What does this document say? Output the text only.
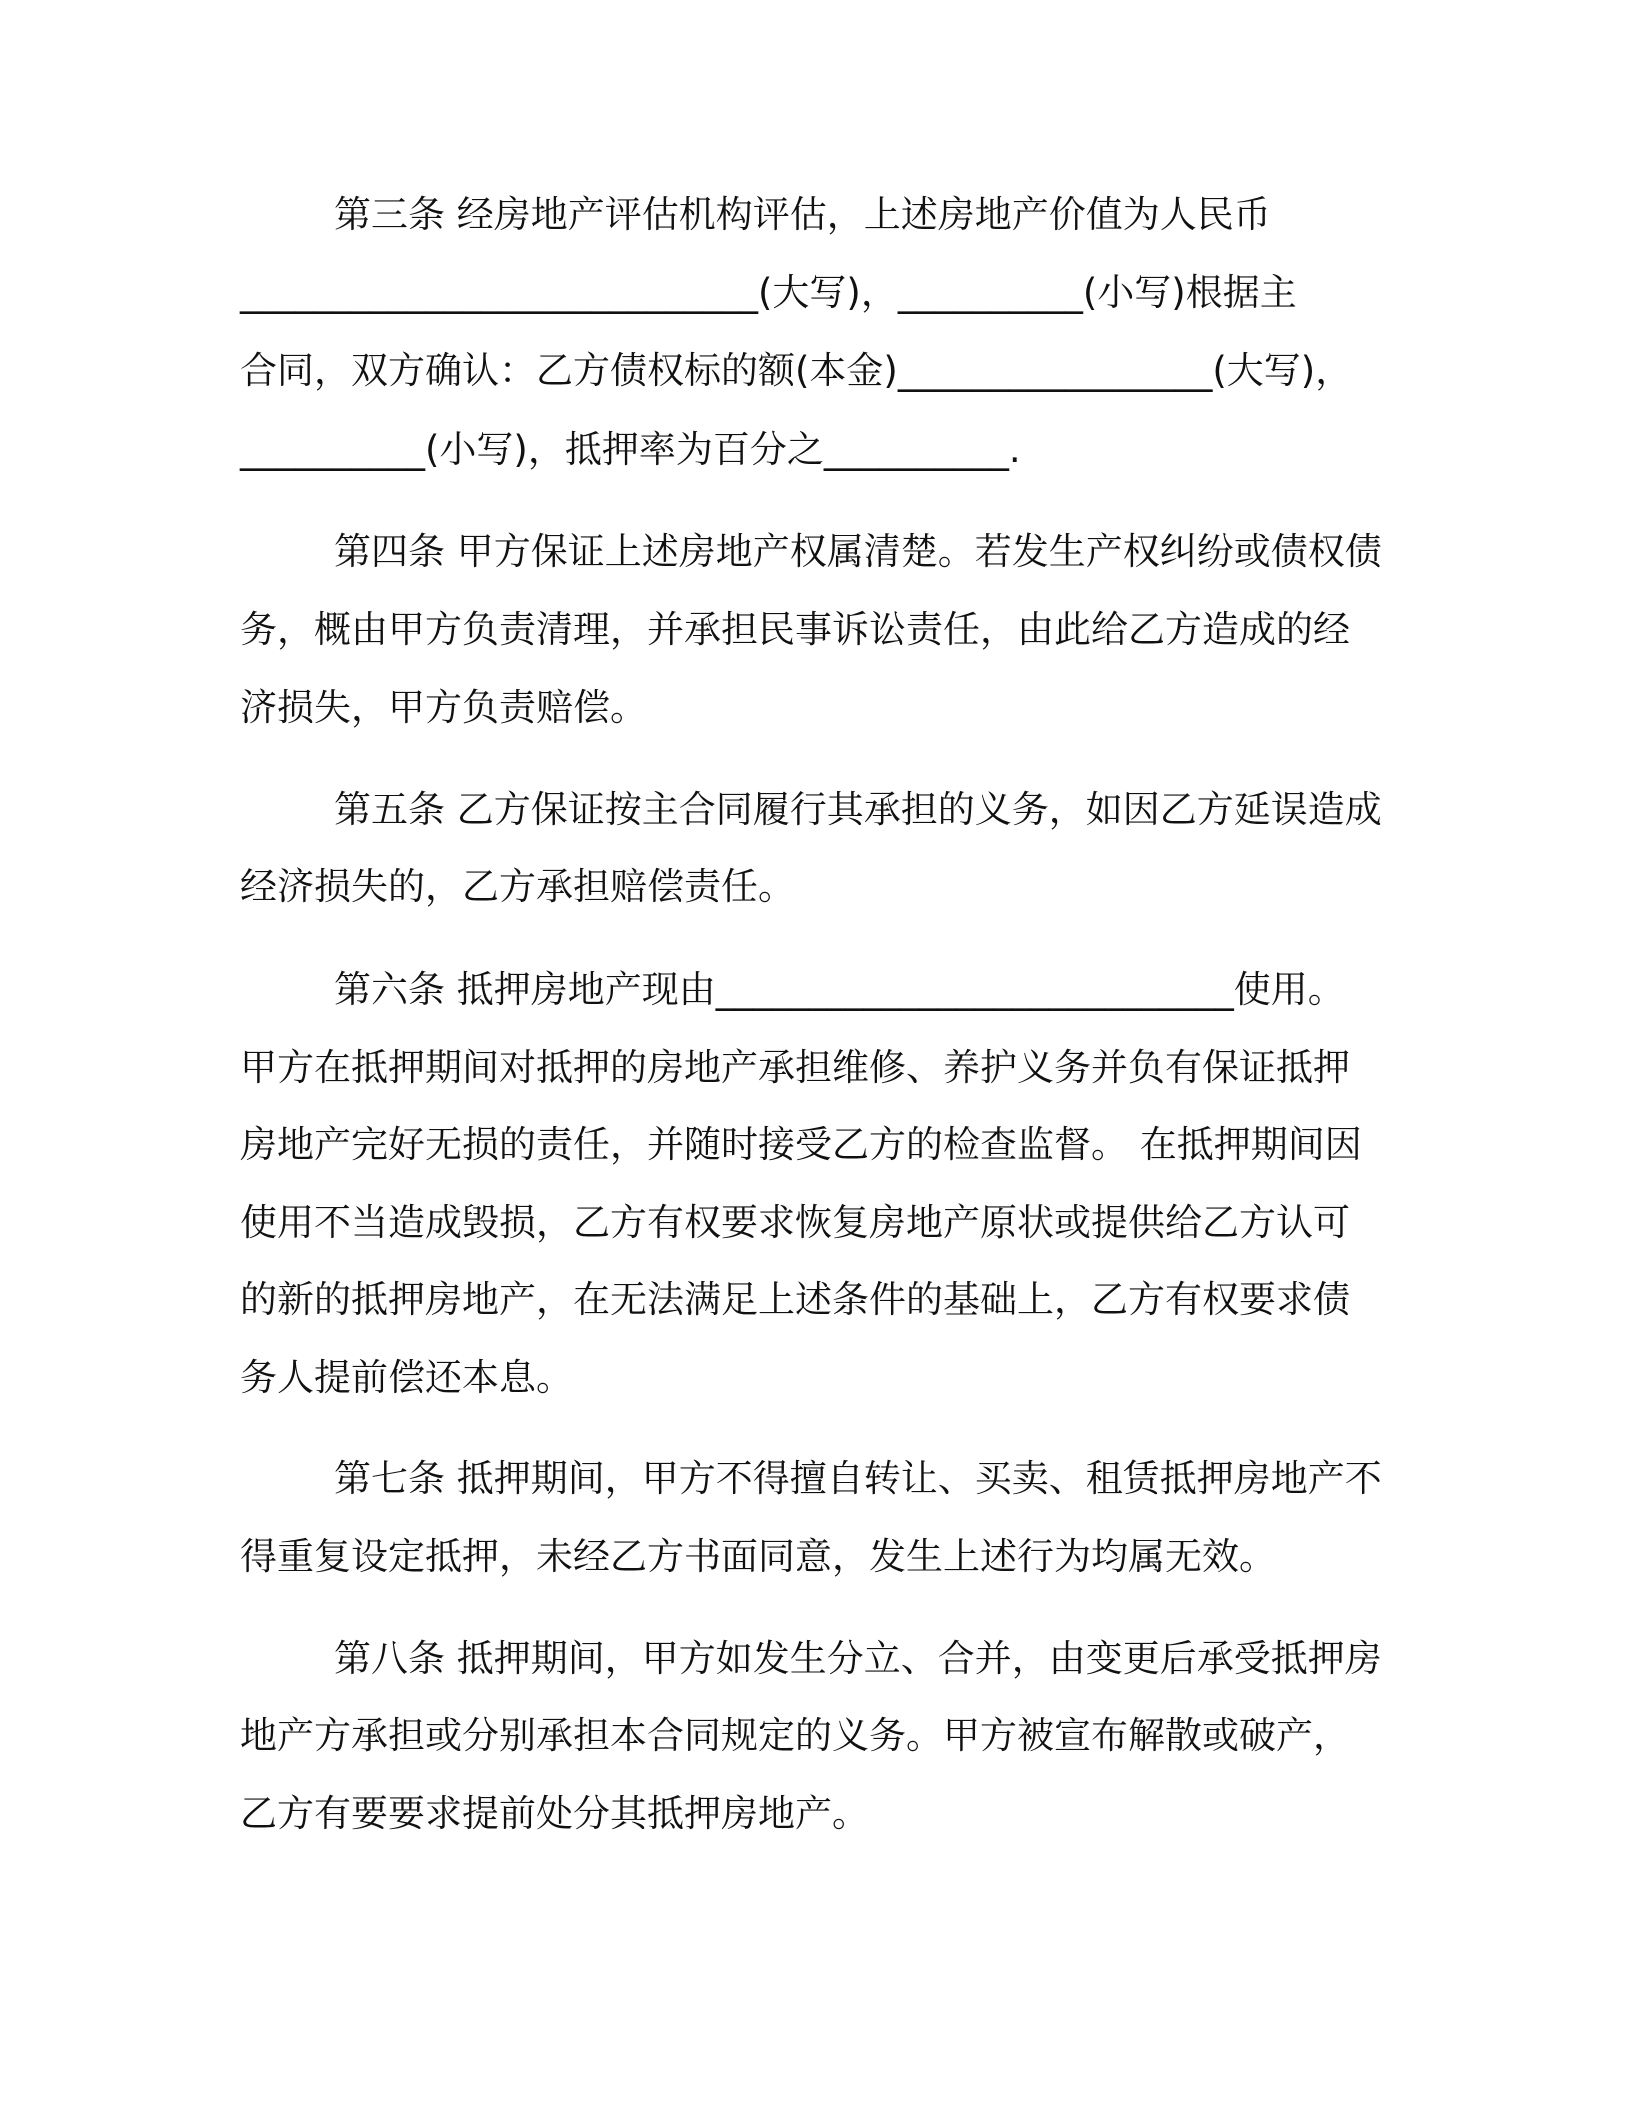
第三条 经房地产评估机构评估，上述房地产价值为人民币
____________________________(大写)，__________(小写)根据主
合同，双方确认：乙方债权标的额(本金)_________________(大写)，
__________(小写)，抵押率为百分之__________.
第四条 甲方保证上述房地产权属清楚。若发生产权纠纷或债权债
务，概由甲方负责清理，并承担民事诉讼责任，由此给乙方造成的经
济损失，甲方负责赔偿。
第五条 乙方保证按主合同履行其承担的义务，如因乙方延误造成
经济损失的，乙方承担赔偿责任。
第六条 抵押房地产现由____________________________使用。
甲方在抵押期间对抵押的房地产承担维修、养护义务并负有保证抵押
房地产完好无损的责任，并随时接受乙方的检查监督。 在抵押期间因
使用不当造成毁损，乙方有权要求恢复房地产原状或提供给乙方认可
的新的抵押房地产，在无法满足上述条件的基础上，乙方有权要求债
务人提前偿还本息。
第七条 抵押期间，甲方不得擅自转让、买卖、租赁抵押房地产不
得重复设定抵押，未经乙方书面同意，发生上述行为均属无效。
第八条 抵押期间，甲方如发生分立、合并，由变更后承受抵押房
地产方承担或分别承担本合同规定的义务。甲方被宣布解散或破产，
乙方有要要求提前处分其抵押房地产。
